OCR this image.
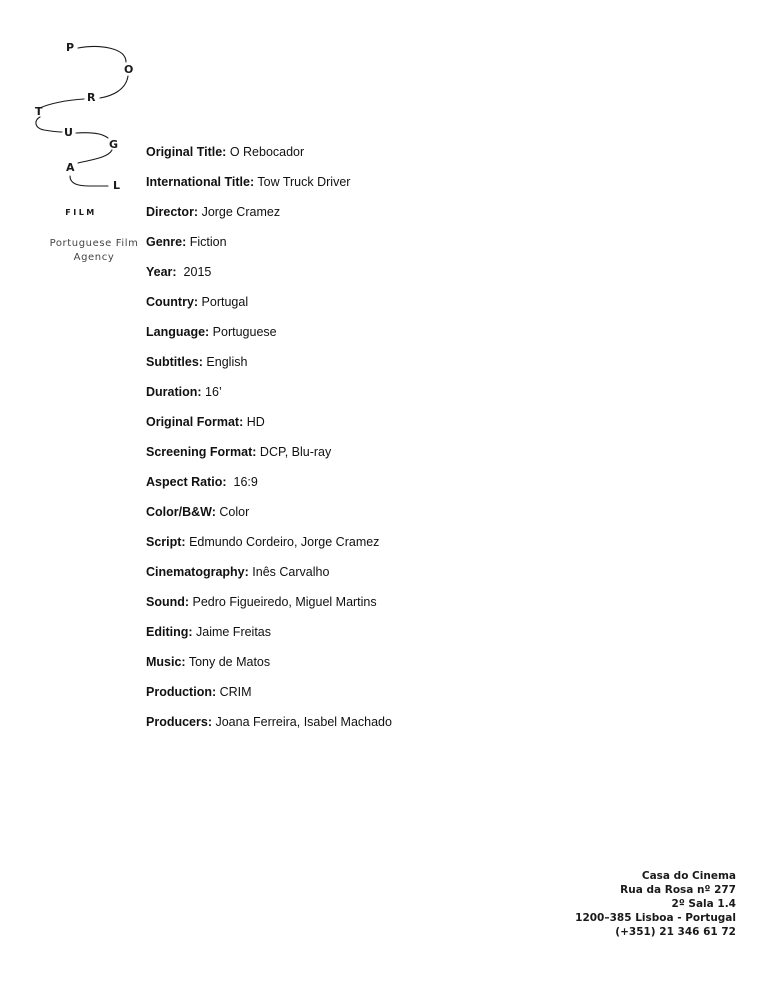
P
O
R
T
U
G
A
L
FILM
Portuguese Film
Agency
Original Title: O Rebocador
International Title: Tow Truck Driver
Director: Jorge Cramez
Genre: Fiction
Year:  2015
Country: Portugal
Language: Portuguese
Subtitles: English
Duration: 16’
Original Format: HD
Screening Format: DCP, Blu-ray
Aspect Ratio:  16:9
Color/B&W: Color
Script: Edmundo Cordeiro, Jorge Cramez
Cinematography: Inês Carvalho
Sound: Pedro Figueiredo, Miguel Martins
Editing: Jaime Freitas
Music: Tony de Matos
Production: CRIM
Producers: Joana Ferreira, Isabel Machado
Casa do Cinema
Rua da Rosa nº 277
2º Sala 1.4
1200–385 Lisboa - Portugal
(+351) 21 346 61 72
